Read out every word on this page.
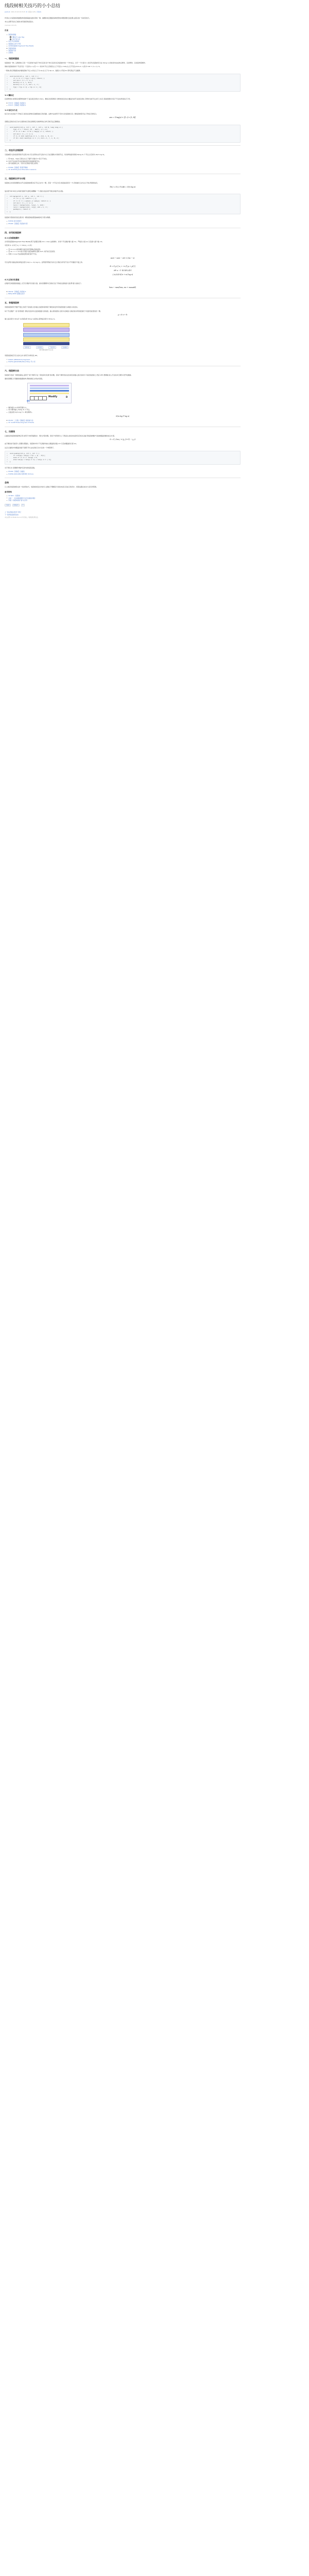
线段树相关技巧的小小总结
pushout 2021-07-26 20:15:45 OI 阅读(2,125) 评论(0)

作者认为:线段树是数据结构里最基础也最实用的一种。做题时常会遇到各种类型的问题需要灵活处理,这里总结一些常见技巧。

本文主要写给自己看的,如有错误欢迎指出。

(Updated 2021/8)

目录
线段树基础
懒标记 Lazy Tag
标记永久化
动态开点线段树
线段树合并与分裂
吉司机线段树 Segment Tree Beats
李超线段树
线段树分治
扫描线
一、线段树基础

线段树是一种二叉搜索树,它将一个区间划分成若干单元区间,每个单元区间对应线段树中的一个叶结点。对于一个长度为 n 的序列,线段树可以在 O(log n) 的时间内完成单点修改、区间修改、区间查询等操作。

建树:线段树的每个节点代表一个区间 [l, r],若 l = r 则为叶节点,否则其左儿子代表 [l, mid],右儿子代表 [mid+1, r],其中 mid = (l + r) / 2。

一般地,我们用数组来存储线段树,节点 p 的左儿子为 2p,右儿子为 2p+1。数组大小开到 4n 即可保证不会越界。

1 void build(int p, int l, int r) {
2    if (l == r) { t[p] = a[l]; return; }
3    int mid = (l + r) >> 1;
4    build(p << 1, l, mid);
5    build(p << 1 | 1, mid + 1, r);
6    t[p] = t[p << 1] + t[p << 1 | 1];
7 }
1.1 懒标记

区间修改时,如果每次都修改到叶子,复杂度会退化为 O(n)。懒标记的思想是:当修改的区间完全覆盖当前节点的区间时,只修改当前节点并打上标记,等到需要访问其子节点时再将标记下传。

P3372 【模板】线段树 1
P3373 【模板】线段树 2
1.2 标记永久化

标记永久化是指不下传标记,而是在查询时沿途累加标记的贡献。这种方法常用于可持久化线段树以及二维线段树等无法下传标记的场合。

ans = Σ tag(p) × |[l, r] ∩ [L, R]|

需要注意的是,标记永久化要求标记的运算满足交换律和结合律,否则无法正确累加。

1 void modify(int p, int l, int r, int L, int R, long long v) {
2    t[p] += v * (min(r, R) - max(l, L) + 1);
3    if (L <= l && r <= R) { tag[p] += v; return; }
4    int mid = (l + r) >> 1;
5    if (L <= mid) modify(p << 1, l, mid, L, R, v);
6    if (R > mid) modify(p << 1 | 1, mid + 1, r, L, R, v);
7 }
二、动态开点线段树

当值域很大而实际使用的节点很少时,可以采用动态开点的方式,只在需要时才新建节点。每次修改最多新建 O(log V) 个节点,总空间为 O(m log V)。

用 ls[p]、rs[p] 记录左右儿子编号,初始为 0 表示不存在。
访问不存在的节点时直接返回空值或新建节点。
常与线段树合并、可持久化等技巧配合使用。
P3369 【模板】普通平衡树
CF 915E Physical Education Lessons
三、线段树合并与分裂

线段树合并是将两棵动态开点线段树按照对应节点合并为一棵。若某一方节点为空,则直接返回另一方;否则递归合并左右子树,再更新信息。

T(n) = O(总节点数) = O(n log n)

复杂度分析:每次合并递归到的节点都会被删除一个,因此总复杂度不超过初始节点总数。

1 int merge(int x, int y, int l, int r) {
2    if (!x || !y) return x | y;
3    if (l == r) { sum[x] += sum[y]; return x; }
4    int mid = (l + r) >> 1;
5    ls[x] = merge(ls[x], ls[y], l, mid);
6    rs[x] = merge(rs[x], rs[y], mid + 1, r);
7    pushup(x); return x;
8 }

线段树分裂则是其逆过程:将一棵线段树按照值域或排名分裂为两棵。

P4556 雨天的尾巴
P5494 【模板】线段树分裂
四、吉司机线段树
4.1 区间最值操作

吉司机线段树(Segment Tree Beats)用于处理区间取 min / max 这类操作。对每个节点维护最大值 mx、严格次大值 se 以及最大值个数 cnt。

对区间 [l, r] 执行 a_i = min(a_i, x) 时:

若 mx ≤ x,则该操作对此区间无影响,直接返回。
若 se < x < mx,则只有最大值会被修改,更新 sum 并打标记后返回。
否则 x ≤ se,无法直接处理,递归到子节点。
sum ← sum − cnt × (mx − x)

可以证明,该做法的时间复杂度为 O((n + m) log n)。证明使用势能分析,定义势能为所有节点中不同值的个数之和。

Φ = Σ_p |{ a_i : i ∈ [l_p, r_p] }|
ΔΦ ≤ −1 每次暴力递归
总复杂度 O((n + m) log n)
4.2 区间历史最值

在维护区间最值的基础上,还可以维护历史最大值。此时需要额外记录标记在下传前达到的最大值,即"最大加标记"。

hmx ← max(hmx, mx + maxadd)
P6242 【模板】线段树 3
BZOJ 4695 最假女选手
五、李超线段树

李超线段树用于维护平面上的若干条线段,支持插入线段和查询某个横坐标处所有线段的最大(或最小)纵坐标。

每个节点维护一条"优势线段",即在该区间中点处取值最大的线段。插入新线段时,比较中点取值,交换后将劣势线段递归下放到可能更优的一侧。

y = k x + b

插入复杂度为 O(log² n)(线段)或 O(log n)(直线),查询复杂度为 O(log n)。

优势线段	劣势线段	下放区间	查询路径
图:李超线段树节点示意

李超线段树还可以支持合并,常用于斜率优化 DP。

P4097 [HEOI2013] Segment
P4254 [JSOI2008] Blue Mary 开公司
六、线段树分治

线段树分治是一种离线算法,适用于"某个操作只在一段时间内有效"的问题。将每个操作的存在时间区间插入到以时间为下标的线段树上,然后 DFS 整棵树,进入节点时执行操作,离开时撤销。

通常需要配合可撤销的数据结构,例如按秩合并的并查集。

Modify
撤销
D
操作数为 m,时间范围为 T。
每个操作插入 O(log T) 个节点。
总复杂度 O(m log T × 单次操作)。
O(m log T log n)
P5787 二分图 /【模板】线段树分治
CF 1140F Extending Set of Points
七、扫描线

扫描线是线段树的经典应用,常用于求矩形面积并、周长并等问题。将每个矩形拆为上下两条边,按纵坐标排序后依次扫描,用线段树维护当前被覆盖的横坐标总长度。

S = Σ_i len_i × (y_{i+1} − y_i)

由于横坐标可能很大,需要先离散化。线段树中每个节点维护被完全覆盖的次数 cnt 以及被覆盖的长度 len。

注意:扫描线中的覆盖次数不需要下传,这也是标记永久化的一个典型例子。

1 void pushup(int p, int l, int r) {
2    if (cnt[p]) len[p] = X[r + 1] - X[l];
3    else if (l == r) len[p] = 0;
4    else len[p] = len[p << 1] + len[p << 1 | 1];
5 }

对于周长并,需要额外维护区间内的线段条数。

P5490 【模板】扫描线
P1856 [IOI1998] 矩形周长 Picture
总结

以上就是线段树相关的一些常用技巧。线段树的变化非常多,关键在于理解其分治的本质以及标记的设计。希望这篇总结对大家有所帮助。

参考资料
OI Wiki - 线段树
吉如一《区间最值操作与历史最值问题》
李超《线段树的扩展与应用》
线段树	数据结构	OI
上一篇:后缀自动机学习笔记
下一篇:网络流模型总结
本文采用 CC BY-NC-SA 4.0 许可协议。转载请注明出处。
